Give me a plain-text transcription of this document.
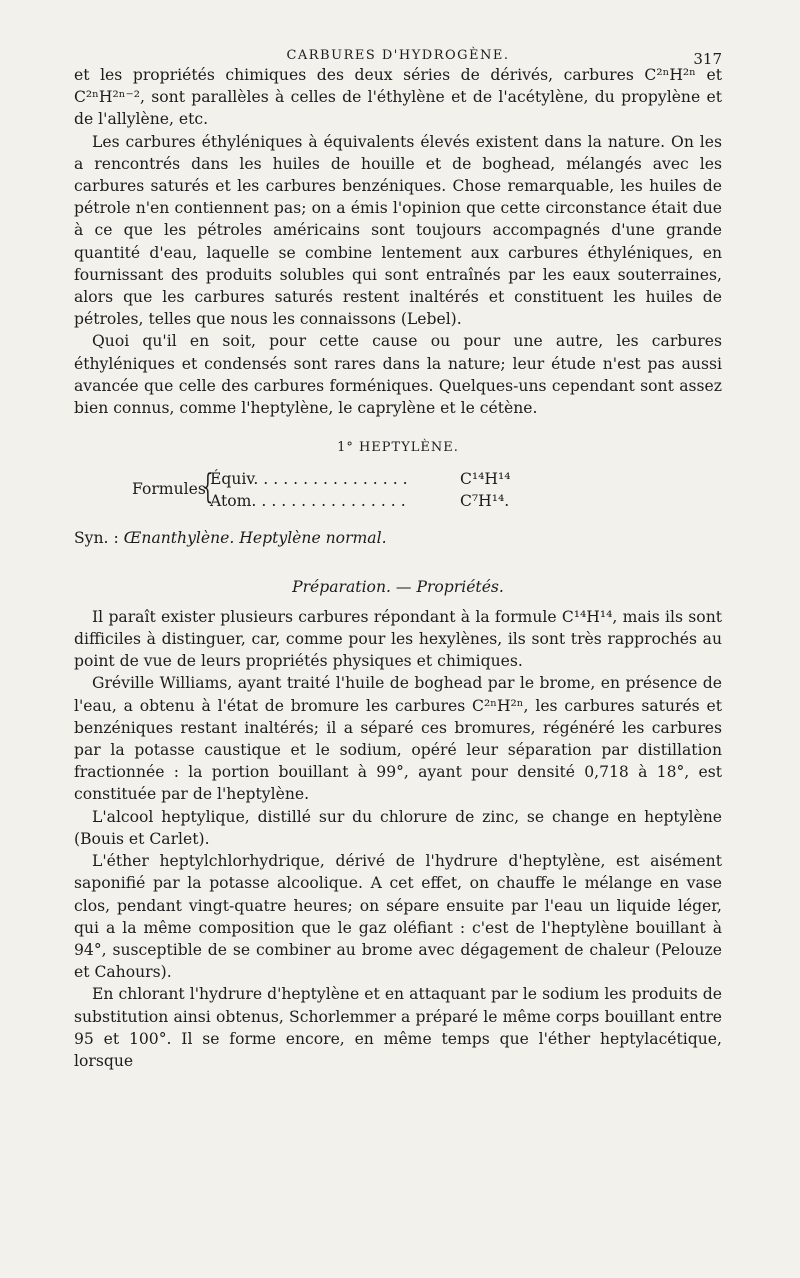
CARBURES D'HYDROGÈNE.	317

et les propriétés chimiques des deux séries de dérivés, carbures C²ⁿH²ⁿ et C²ⁿH²ⁿ⁻², sont parallèles à celles de l'éthylène et de l'acétylène, du propylène et de l'allylène, etc.

Les carbures éthyléniques à équivalents élevés existent dans la nature. On les a rencontrés dans les huiles de houille et de boghead, mélangés avec les carbures saturés et les carbures benzéniques. Chose remarquable, les huiles de pétrole n'en contiennent pas; on a émis l'opinion que cette circonstance était due à ce que les pétroles américains sont toujours accompagnés d'une grande quantité d'eau, laquelle se combine lentement aux carbures éthyléniques, en fournissant des produits solubles qui sont entraînés par les eaux souterraines, alors que les carbures saturés restent inaltérés et constituent les huiles de pétroles, telles que nous les connaissons (Lebel).

Quoi qu'il en soit, pour cette cause ou pour une autre, les carbures éthyléniques et condensés sont rares dans la nature; leur étude n'est pas aussi avancée que celle des carbures forméniques. Quelques-uns cependant sont assez bien connus, comme l'heptylène, le caprylène et le cétène.

1° HEPTYLÈNE.
Formules
{
Équiv. ...............
Atom. ...............
C¹⁴H¹⁴
C⁷H¹⁴.

Syn. : Œnanthylène. Heptylène normal.

Préparation. — Propriétés.

Il paraît exister plusieurs carbures répondant à la formule C¹⁴H¹⁴, mais ils sont difficiles à distinguer, car, comme pour les hexylènes, ils sont très rapprochés au point de vue de leurs propriétés physiques et chimiques.

Gréville Williams, ayant traité l'huile de boghead par le brome, en présence de l'eau, a obtenu à l'état de bromure les carbures C²ⁿH²ⁿ, les carbures saturés et benzéniques restant inaltérés; il a séparé ces bromures, régénéré les carbures par la potasse caustique et le sodium, opéré leur séparation par distillation fractionnée : la portion bouillant à 99°, ayant pour densité 0,718 à 18°, est constituée par de l'heptylène.

L'alcool heptylique, distillé sur du chlorure de zinc, se change en heptylène (Bouis et Carlet).

L'éther heptylchlorhydrique, dérivé de l'hydrure d'heptylène, est aisément saponifié par la potasse alcoolique. A cet effet, on chauffe le mélange en vase clos, pendant vingt-quatre heures; on sépare ensuite par l'eau un liquide léger, qui a la même composition que le gaz oléfiant : c'est de l'heptylène bouillant à 94°, susceptible de se combiner au brome avec dégagement de chaleur (Pelouze et Cahours).

En chlorant l'hydrure d'heptylène et en attaquant par le sodium les produits de substitution ainsi obtenus, Schorlemmer a préparé le même corps bouillant entre 95 et 100°. Il se forme encore, en même temps que l'éther heptylacétique, lorsque
